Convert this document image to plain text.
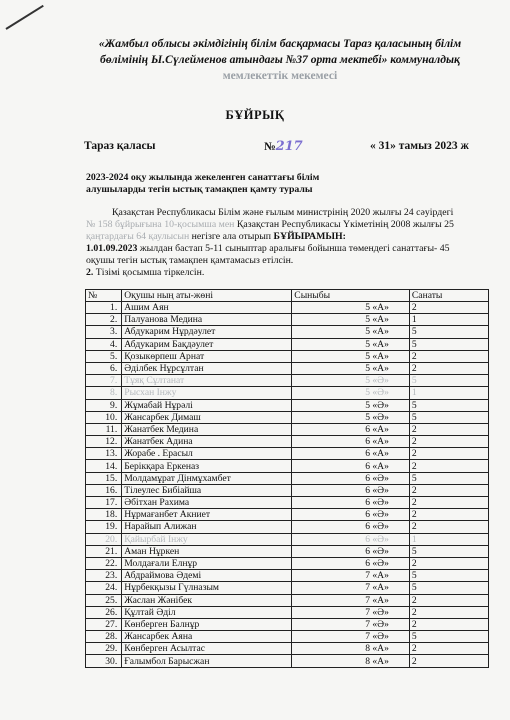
«Жамбыл облысы әкімдігінің білім басқармасы Тараз қаласының білім
бөлімінің Ы.Сүлейменов атындағы №37 орта мектебі» коммуналдық
мемлекеттік мекемесі
БҰЙРЫҚ
Тараз қаласы	№217	« 31» тамыз 2023 ж
2023-2024 оқу жылында жекеленген санаттағы білім
алушыларды тегін ыстық тамақпен қамту туралы
Қазақстан Республикасы Білім және ғылым министрінің 2020 жылғы 24 сәуірдегі
№ 158 бұйрығына 10-қосымша мен Қазақстан Республикасы Үкіметінің 2008 жылғы 25
қаңтардағы 64 қаулысын негізге ала отырып БҰЙЫРАМЫН:
1.01.09.2023 жылдан бастап 5-11 сыныптар аралығы бойынша төмендегі санаттағы- 45
оқушы тегін ыстық тамақпен қамтамасыз етілсін.
2. Тізімі қосымша тіркелсін.
№	Оқушы ның аты-жөні	Сыныбы	Санаты
1.	Ашим Аян	5 «А»	2
2.	Палуанова Медина	5 «А»	1
3.	Абдукарим Нұрдәулет	5 «А»	5
4.	Абдукарим Бақдәулет	5 «А»	5
5.	Қозыкөрпеш Арнат	5 «А»	2
6.	Әділбек Нұрсұлтан	5 «А»	2
7.	Тұяқ Сұлтанат	5 «Ә»	5
8.	Рысхан Інжу	5 «Ә»	1
9.	Жұмабай Нұрәлі	5 «Ә»	5
10.	Жансарбек Димаш	5 «Ә»	5
11.	Жанатбек Медина	6 «А»	2
12.	Жанатбек Адина	6 «А»	2
13.	Жорабе . Ерасыл	6 «А»	2
14.	Берікқара Еркеназ	6 «А»	2
15.	Молдамұрат Дінмұхамбет	6 «Ә»	5
16.	Тілеулес Бибіайша	6 «Ә»	2
17.	Әбітхан Рахима	6 «Ә»	2
18.	Нұрмағанбет Акниет	6 «Ә»	2
19.	Нарайып Алижан	6 «Ә»	2
20.	Қайырбай Інжу	6 «Ә»	1
21.	Аман Нұркен	6 «Ә»	5
22.	Молдағали Елнұр	6 «Ә»	2
23.	Абдраймова Әдемі	7 «А»	5
24.	Нұрбекқызы Гүлназым	7 «А»	5
25.	Жаслан Жәнібек	7 «А»	2
26.	Құлтай Әділ	7 «Ә»	2
27.	Көнберген Балнұр	7 «Ә»	2
28.	Жансарбек Аяна	7 «Ә»	5
29.	Көнберген Асылтас	8 «А»	2
30.	Ғалымбол Барысжан	8 «А»	2
